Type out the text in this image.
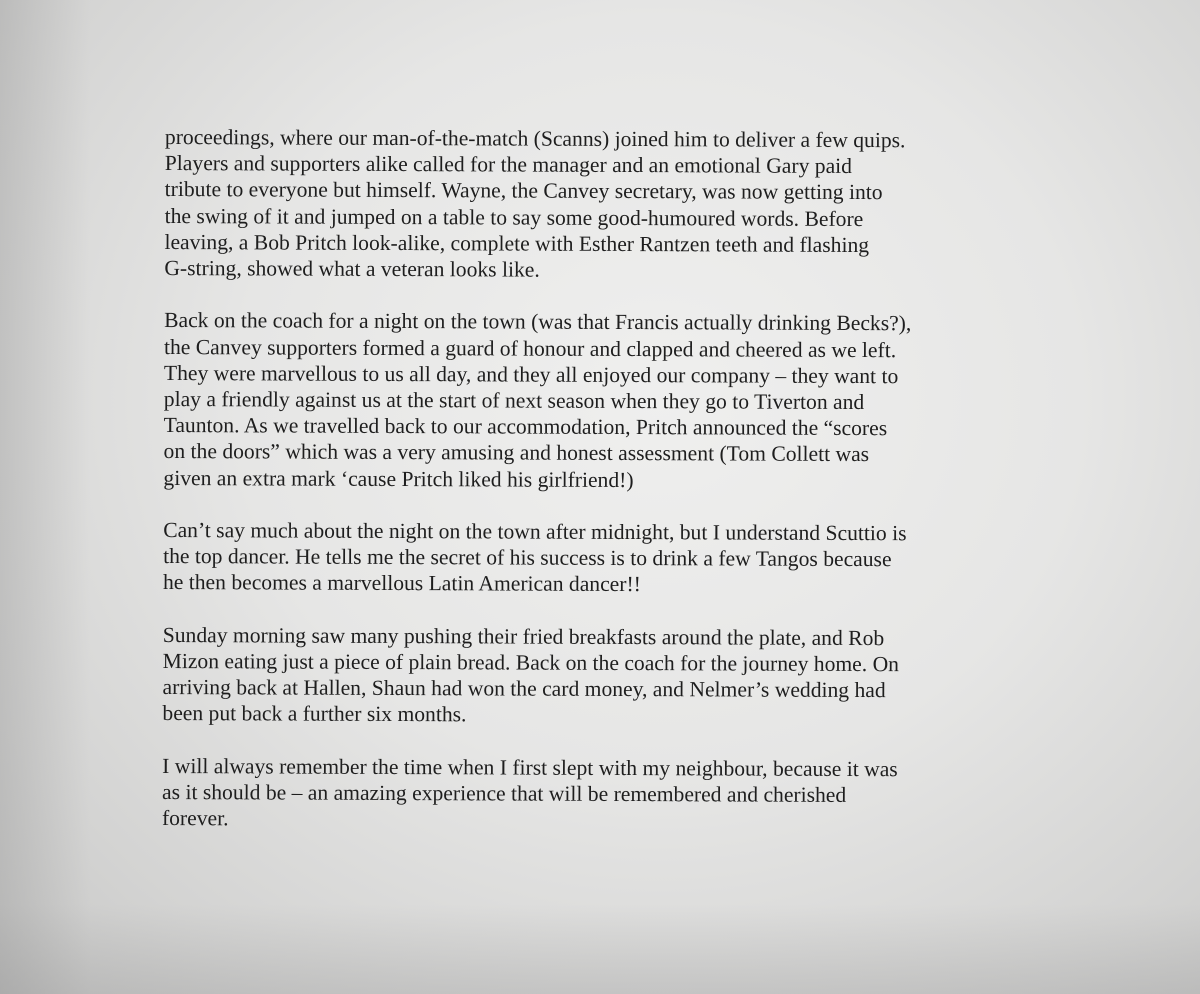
proceedings, where our man-of-the-match (Scanns) joined him to deliver a few quips.
Players and supporters alike called for the manager and an emotional Gary paid
tribute to everyone but himself. Wayne, the Canvey secretary, was now getting into
the swing of it and jumped on a table to say some good-humoured words. Before
leaving, a Bob Pritch look-alike, complete with Esther Rantzen teeth and flashing
G-string, showed what a veteran looks like.

Back on the coach for a night on the town (was that Francis actually drinking Becks?),
the Canvey supporters formed a guard of honour and clapped and cheered as we left.
They were marvellous to us all day, and they all enjoyed our company – they want to
play a friendly against us at the start of next season when they go to Tiverton and
Taunton. As we travelled back to our accommodation, Pritch announced the “scores
on the doors” which was a very amusing and honest assessment (Tom Collett was
given an extra mark ‘cause Pritch liked his girlfriend!)

Can’t say much about the night on the town after midnight, but I understand Scuttio is
the top dancer. He tells me the secret of his success is to drink a few Tangos because
he then becomes a marvellous Latin American dancer!!

Sunday morning saw many pushing their fried breakfasts around the plate, and Rob
Mizon eating just a piece of plain bread. Back on the coach for the journey home. On
arriving back at Hallen, Shaun had won the card money, and Nelmer’s wedding had
been put back a further six months.

I will always remember the time when I first slept with my neighbour, because it was
as it should be – an amazing experience that will be remembered and cherished
forever.
